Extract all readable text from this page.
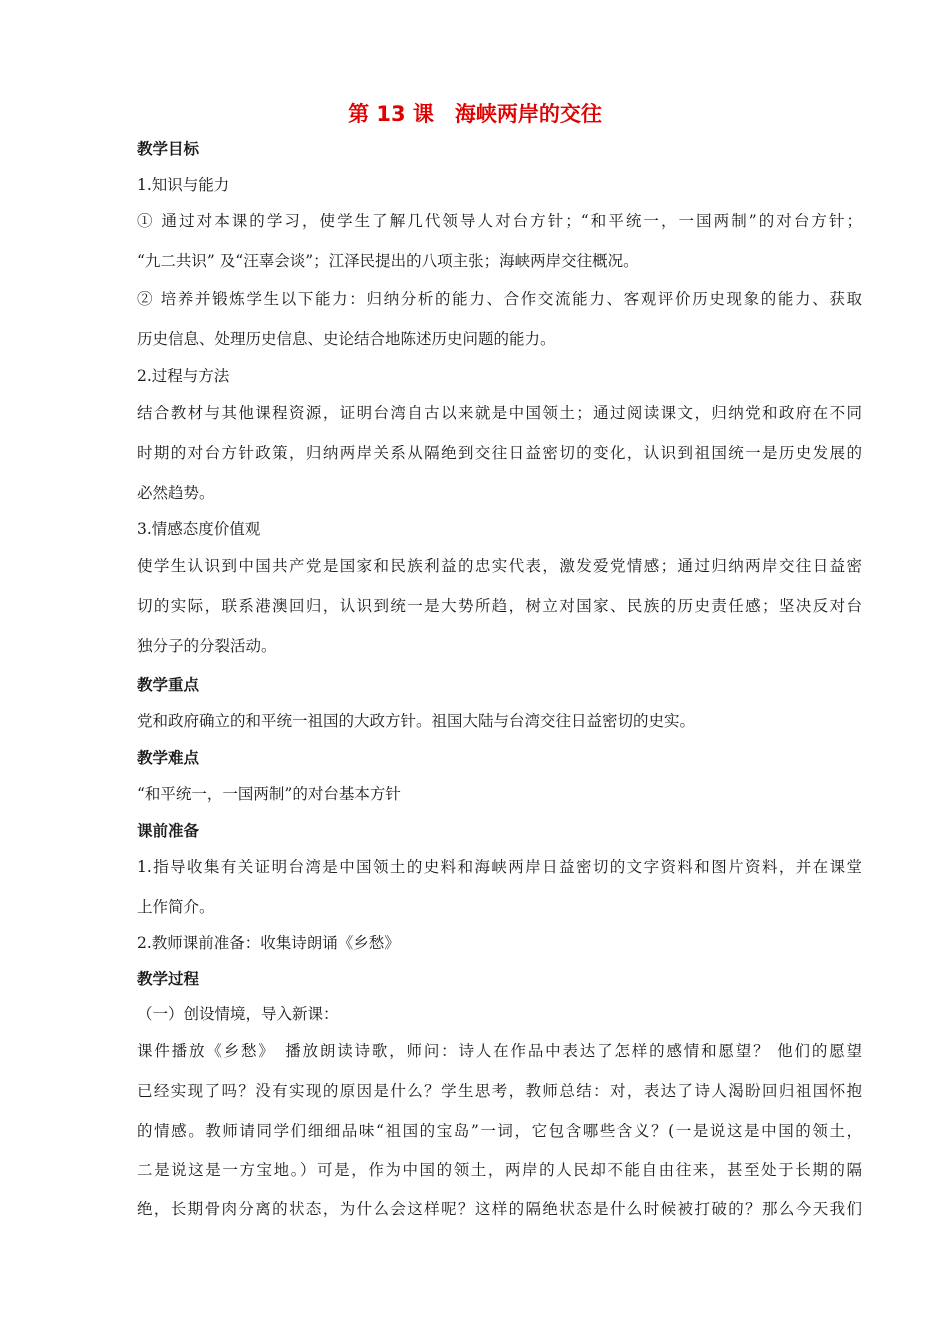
第 13 课　海峡两岸的交往
教学目标
1.知识与能力
① 通过对本课的学习，使学生了解几代领导人对台方针；“和平统一，一国两制”的对台方针；
“九二共识” 及“汪辜会谈”；江泽民提出的八项主张；海峡两岸交往概况。
② 培养并锻炼学生以下能力：归纳分析的能力、合作交流能力、客观评价历史现象的能力、获取
历史信息、处理历史信息、史论结合地陈述历史问题的能力。
2.过程与方法
结合教材与其他课程资源，证明台湾自古以来就是中国领土；通过阅读课文，归纳党和政府在不同
时期的对台方针政策，归纳两岸关系从隔绝到交往日益密切的变化，认识到祖国统一是历史发展的
必然趋势。
3.情感态度价值观
使学生认识到中国共产党是国家和民族利益的忠实代表，激发爱党情感；通过归纳两岸交往日益密
切的实际，联系港澳回归，认识到统一是大势所趋，树立对国家、民族的历史责任感；坚决反对台
独分子的分裂活动。
教学重点
党和政府确立的和平统一祖国的大政方针。祖国大陆与台湾交往日益密切的史实。
教学难点
“和平统一，一国两制”的对台基本方针
课前准备
1.指导收集有关证明台湾是中国领土的史料和海峡两岸日益密切的文字资料和图片资料，并在课堂
上作简介。
2.教师课前准备：收集诗朗诵《乡愁》
教学过程
（一）创设情境，导入新课：
课件播放《乡愁》　播放朗读诗歌，师问：诗人在作品中表达了怎样的感情和愿望？ 他们的愿望
已经实现了吗？没有实现的原因是什么？学生思考，教师总结：对，表达了诗人渴盼回归祖国怀抱
的情感。教师请同学们细细品味“祖国的宝岛”一词，它包含哪些含义？(一是说这是中国的领土，
二是说这是一方宝地。）可是，作为中国的领土，两岸的人民却不能自由往来，甚至处于长期的隔
绝，长期骨肉分离的状态，为什么会这样呢？这样的隔绝状态是什么时候被打破的？那么今天我们
